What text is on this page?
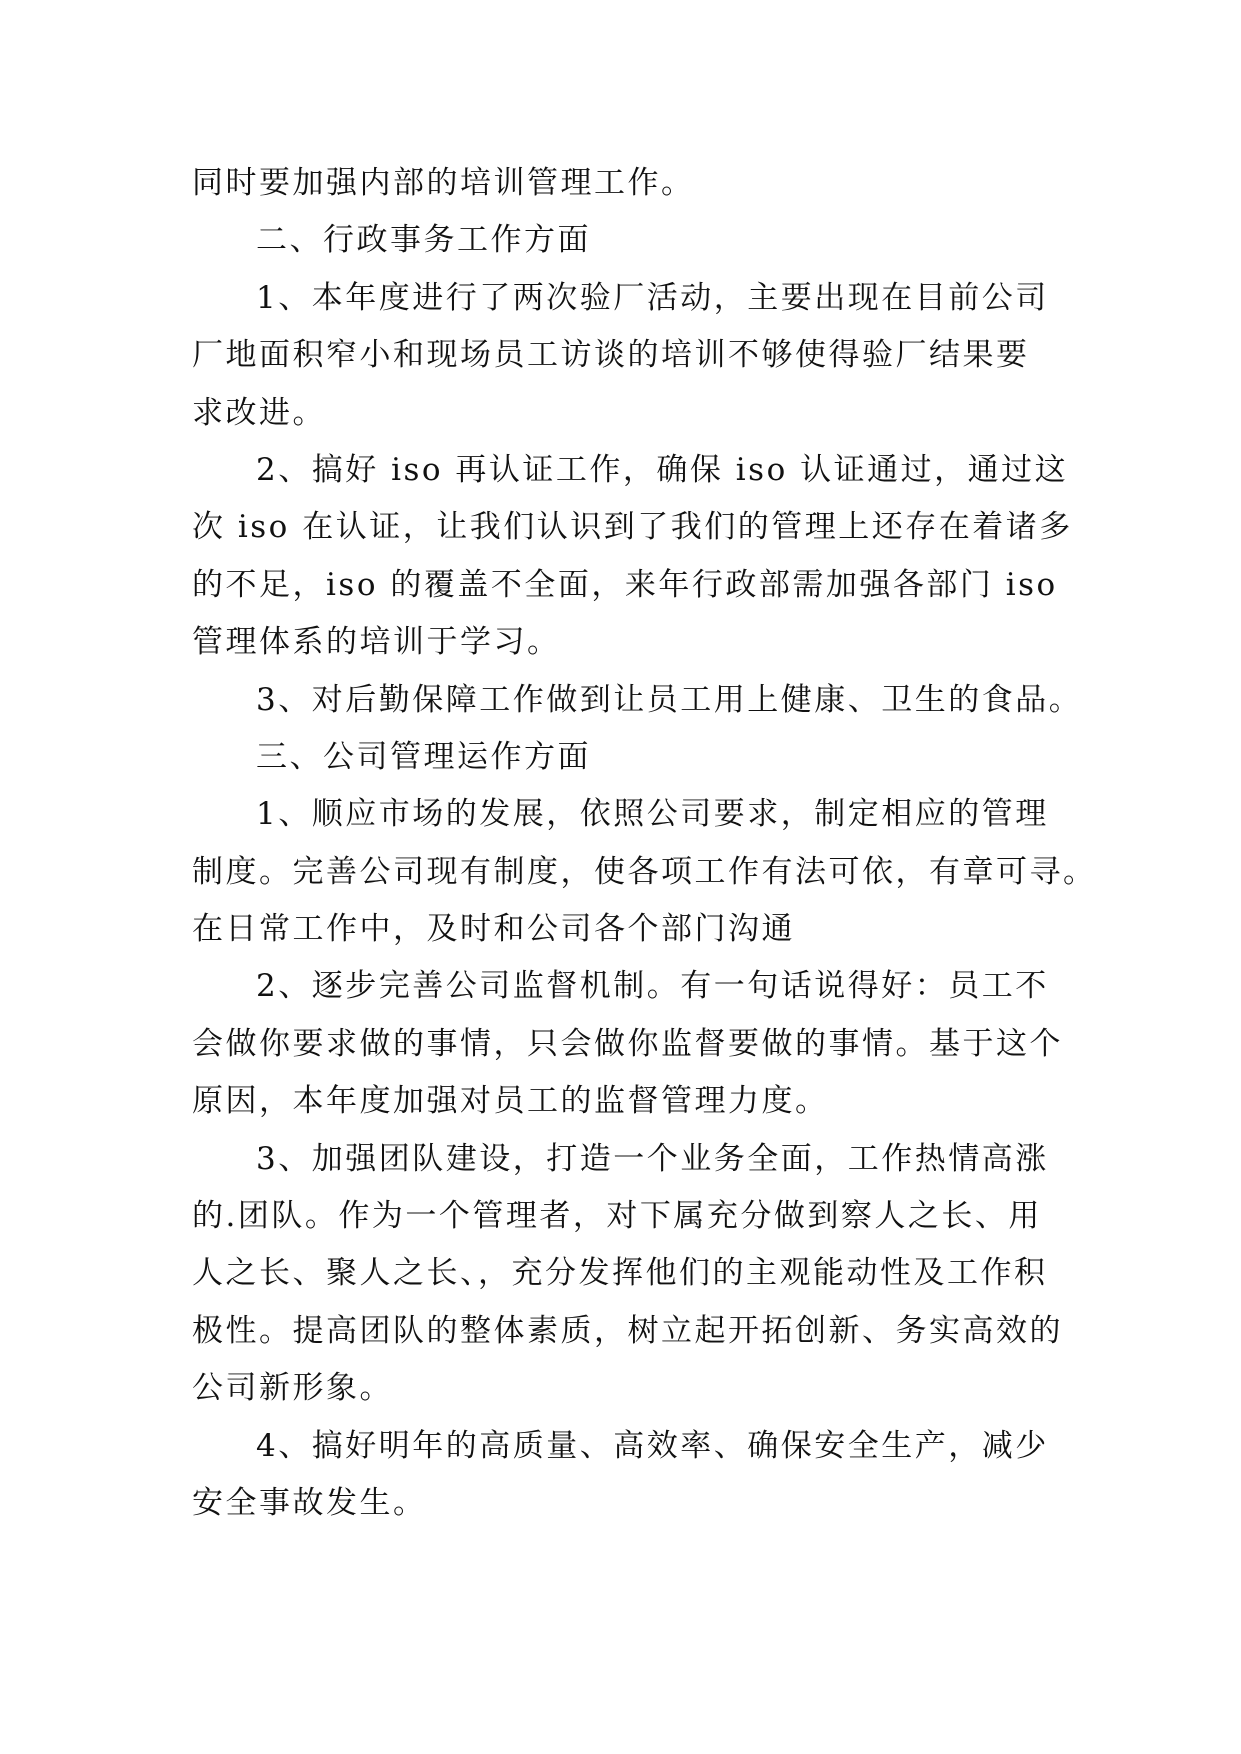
同时要加强内部的培训管理工作。
二、行政事务工作方面
1、本年度进行了两次验厂活动，主要出现在目前公司
厂地面积窄小和现场员工访谈的培训不够使得验厂结果要
求改进。
2、搞好 iso 再认证工作，确保 iso 认证通过，通过这
次 iso 在认证，让我们认识到了我们的管理上还存在着诸多
的不足，iso 的覆盖不全面，来年行政部需加强各部门 iso
管理体系的培训于学习。
3、对后勤保障工作做到让员工用上健康、卫生的食品。
三、公司管理运作方面
1、顺应市场的发展，依照公司要求，制定相应的管理
制度。完善公司现有制度，使各项工作有法可依，有章可寻。
在日常工作中，及时和公司各个部门沟通
2、逐步完善公司监督机制。有一句话说得好：员工不
会做你要求做的事情，只会做你监督要做的事情。基于这个
原因，本年度加强对员工的监督管理力度。
3、加强团队建设，打造一个业务全面，工作热情高涨
的.团队。作为一个管理者，对下属充分做到察人之长、用
人之长、聚人之长、，充分发挥他们的主观能动性及工作积
极性。提高团队的整体素质，树立起开拓创新、务实高效的
公司新形象。
4、搞好明年的高质量、高效率、确保安全生产，减少
安全事故发生。
